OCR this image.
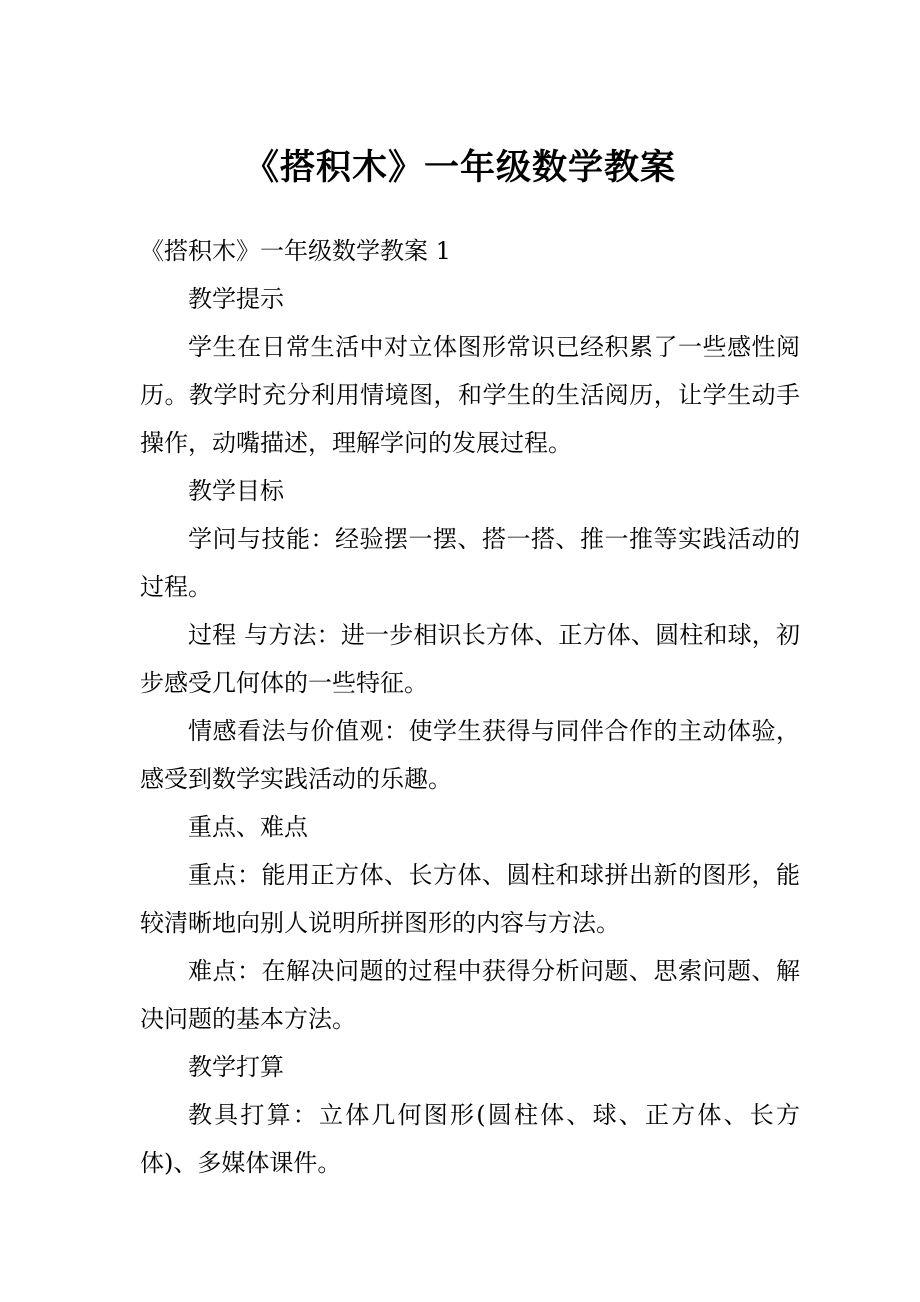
《搭积木》一年级数学教案
《搭积木》一年级数学教案 1

教学提示

学生在日常生活中对立体图形常识已经积累了一些感性阅历。教学时充分利用情境图，和学生的生活阅历，让学生动手操作，动嘴描述，理解学问的发展过程。

教学目标

学问与技能：经验摆一摆、搭一搭、推一推等实践活动的过程。

过程 与方法：进一步相识长方体、正方体、圆柱和球，初步感受几何体的一些特征。

情感看法与价值观：使学生获得与同伴合作的主动体验，感受到数学实践活动的乐趣。

重点、难点

重点：能用正方体、长方体、圆柱和球拼出新的图形，能较清晰地向别人说明所拼图形的内容与方法。

难点：在解决问题的过程中获得分析问题、思索问题、解决问题的基本方法。

教学打算

教具打算：立体几何图形(圆柱体、球、正方体、长方体)、多媒体课件。
